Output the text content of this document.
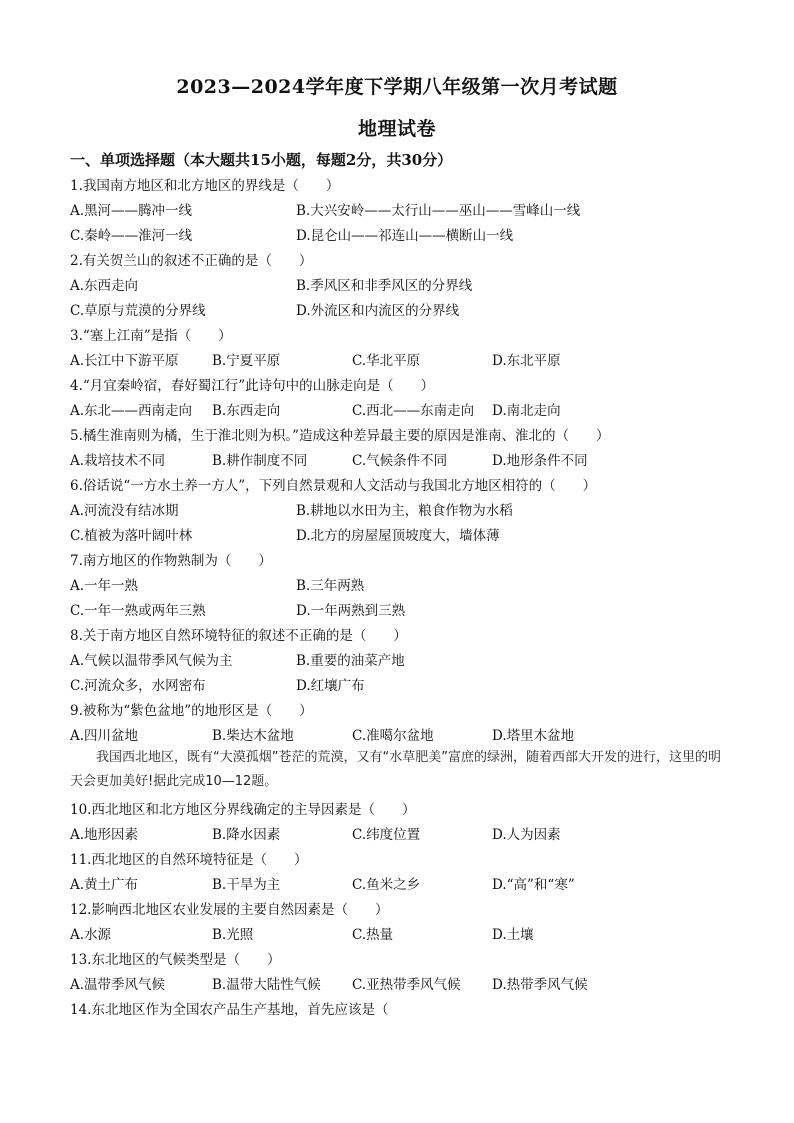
2023—2024学年度下学期八年级第一次月考试题
地理试卷
一、单项选择题（本大题共15小题，每题2分，共30分）
1.我国南方地区和北方地区的界线是（　　）
A.黑河——腾冲一线	B.大兴安岭——太行山——巫山——雪峰山一线
C.秦岭——淮河一线	D.昆仑山——祁连山——横断山一线
2.有关贺兰山的叙述不正确的是（　　）
A.东西走向	B.季风区和非季风区的分界线
C.草原与荒漠的分界线	D.外流区和内流区的分界线
3.“塞上江南”是指（　　）
A.长江中下游平原 B.宁夏平原	C.华北平原	D.东北平原
4.“月宜秦岭宿，春好蜀江行”此诗句中的山脉走向是（　　）
A.东北——西南走向 B.东西走向	C.西北——东南走向 D.南北走向
5.橘生淮南则为橘，生于淮北则为枳。”造成这种差异最主要的原因是淮南、淮北的（　　）
A.栽培技术不同	B.耕作制度不同	C.气候条件不同	D.地形条件不同
6.俗话说“一方水土养一方人”，下列自然景观和人文活动与我国北方地区相符的（　　）
A.河流没有结冰期	B.耕地以水田为主，粮食作物为水稻
C.植被为落叶阔叶林	D.北方的房屋屋顶坡度大，墙体薄
7.南方地区的作物熟制为（　　）
A.一年一熟	B.三年两熟
C.一年一熟或两年三熟	D.一年两熟到三熟
8.关于南方地区自然环境特征的叙述不正确的是（　　）
A.气候以温带季风气候为主	B.重要的油菜产地
C.河流众多，水网密布	D.红壤广布
9.被称为“紫色盆地”的地形区是（　　）
A.四川盆地	B.柴达木盆地	C.准噶尔盆地	D.塔里木盆地
我国西北地区，既有“大漠孤烟”苍茫的荒漠，又有“水草肥美”富庶的绿洲，随着西部大开发的进行，这里的明天会更加美好!据此完成10—12题。
10.西北地区和北方地区分界线确定的主导因素是（　　）
A.地形因素	B.降水因素	C.纬度位置	D.人为因素
11.西北地区的自然环境特征是（　　）
A.黄土广布	B.干旱为主	C.鱼米之乡	D.“高”和“寒”
12.影响西北地区农业发展的主要自然因素是（　　）
A.水源	B.光照	C.热量	D.土壤
13.东北地区的气候类型是（　　）
A.温带季风气候	B.温带大陆性气候 C.亚热带季风气候 D.热带季风气候
14.东北地区作为全国农产品生产基地，首先应该是（
